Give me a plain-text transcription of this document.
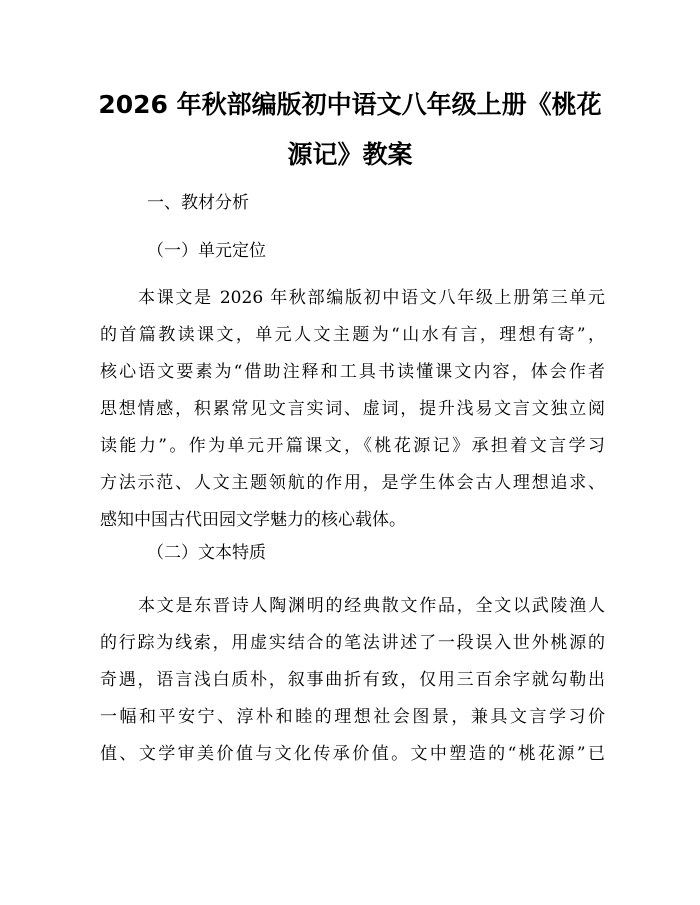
2026 年秋部编版初中语文八年级上册《桃花
源记》教案

一、教材分析

（一）单元定位

本课文是 2026 年秋部编版初中语文八年级上册第三单元
的首篇教读课文，单元人文主题为“山水有言，理想有寄”，
核心语文要素为“借助注释和工具书读懂课文内容，体会作者
思想情感，积累常见文言实词、虚词，提升浅易文言文独立阅
读能力”。作为单元开篇课文，《桃花源记》承担着文言学习
方法示范、人文主题领航的作用，是学生体会古人理想追求、
感知中国古代田园文学魅力的核心载体。

（二）文本特质

本文是东晋诗人陶渊明的经典散文作品，全文以武陵渔人
的行踪为线索，用虚实结合的笔法讲述了一段误入世外桃源的
奇遇，语言浅白质朴，叙事曲折有致，仅用三百余字就勾勒出
一幅和平安宁、淳朴和睦的理想社会图景，兼具文言学习价
值、文学审美价值与文化传承价值。文中塑造的“桃花源”已
